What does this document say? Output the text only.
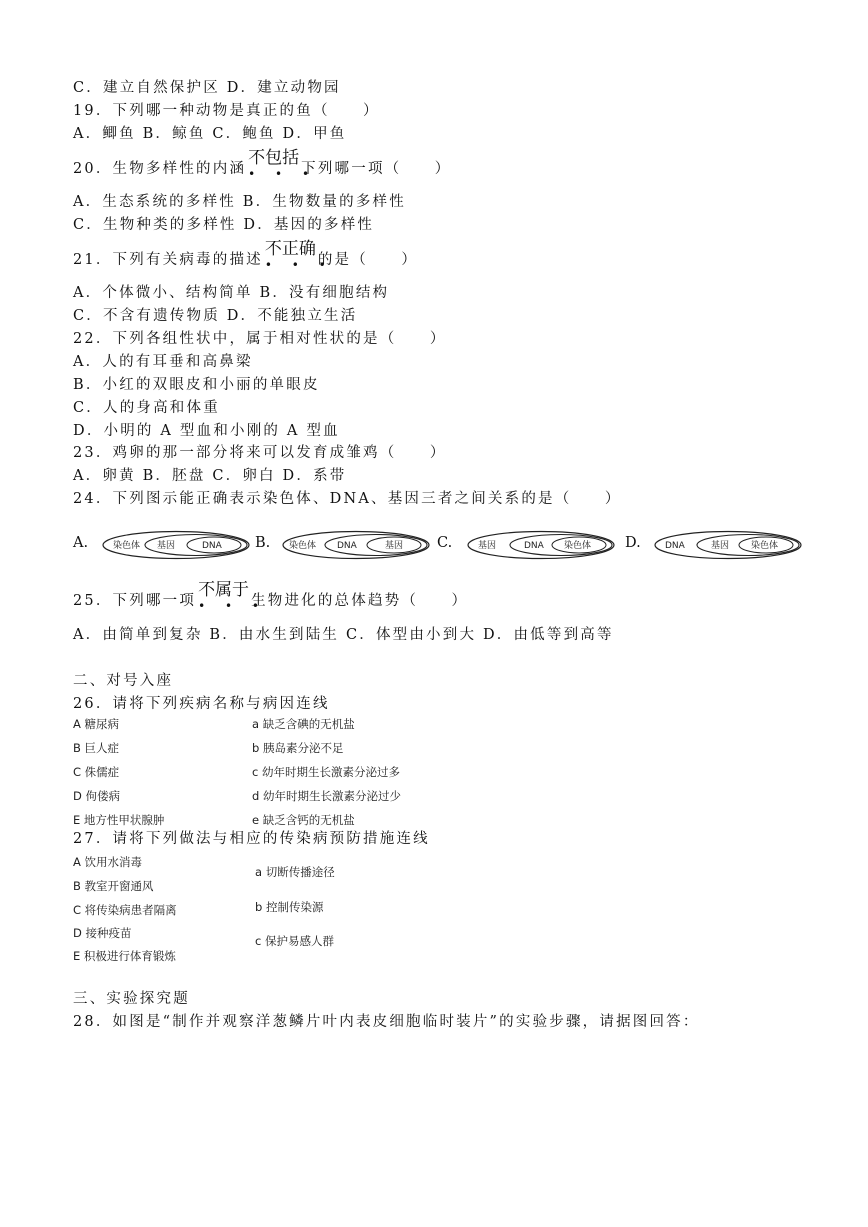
C．建立自然保护区 D．建立动物园
19．下列哪一种动物是真正的鱼（　　）
A．鲫鱼 B．鲸鱼 C．鲍鱼 D．甲鱼
20．生物多样性的内涵不包括
• • •
下列哪一项（　　）
A．生态系统的多样性 B．生物数量的多样性
C．生物种类的多样性 D．基因的多样性
21．下列有关病毒的描述不正确
• • •
的是（　　）
A．个体微小、结构简单 B．没有细胞结构
C．不含有遗传物质 D．不能独立生活
22．下列各组性状中，属于相对性状的是（　　）
A．人的有耳垂和高鼻梁
B．小红的双眼皮和小丽的单眼皮
C．人的身高和体重
D．小明的 A 型血和小刚的 A 型血
23．鸡卵的那一部分将来可以发育成雏鸡（　　）
A．卵黄 B．胚盘 C．卵白 D．系带
24．下列图示能正确表示染色体、DNA、基因三者之间关系的是（　　）
A.	染色体 基因	DNA B. 染色体 DNA	基因 C.	基因	DNA 染色体 D.	DNA	基因 染色体
25．下列哪一项不属于
• • •
生物进化的总体趋势（　　）
A．由简单到复杂 B．由水生到陆生 C．体型由小到大 D．由低等到高等
二、对号入座
26．请将下列疾病名称与病因连线
A 糖尿病
B 巨人症
C 侏儒症
D 佝偻病
E 地方性甲状腺肿
a 缺乏含碘的无机盐
b 胰岛素分泌不足
c 幼年时期生长激素分泌过多
d 幼年时期生长激素分泌过少
e 缺乏含钙的无机盐
27．请将下列做法与相应的传染病预防措施连线
A 饮用水消毒
B 教室开窗通风
C 将传染病患者隔离
D 接种疫苗
E 积极进行体育锻炼
a 切断传播途径
b 控制传染源
c 保护易感人群
三、实验探究题
28．如图是“制作并观察洋葱鳞片叶内表皮细胞临时装片”的实验步骤，请据图回答：
